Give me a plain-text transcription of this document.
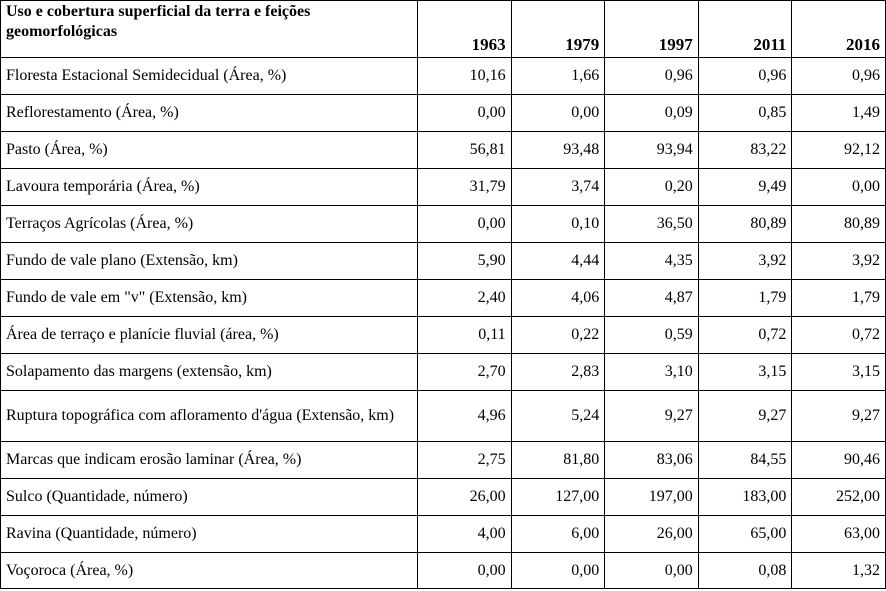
Uso e cobertura superficial da terra e feições geomorfológicas	1963	1979	1997	2011	2016
Floresta Estacional Semidecidual (Área, %)	10,16	1,66	0,96	0,96	0,96
Reflorestamento (Área, %)	0,00	0,00	0,09	0,85	1,49
Pasto (Área, %)	56,81	93,48	93,94	83,22	92,12
Lavoura temporária (Área, %)	31,79	3,74	0,20	9,49	0,00
Terraços Agrícolas (Área, %)	0,00	0,10	36,50	80,89	80,89
Fundo de vale plano (Extensão, km)	5,90	4,44	4,35	3,92	3,92
Fundo de vale em "v" (Extensão, km)	2,40	4,06	4,87	1,79	1,79
Área de terraço e planície fluvial (área, %)	0,11	0,22	0,59	0,72	0,72
Solapamento das margens (extensão, km)	2,70	2,83	3,10	3,15	3,15
Ruptura topográfica com afloramento d'água (Extensão, km)	4,96	5,24	9,27	9,27	9,27
Marcas que indicam erosão laminar (Área, %)	2,75	81,80	83,06	84,55	90,46
Sulco (Quantidade, número)	26,00	127,00	197,00	183,00	252,00
Ravina (Quantidade, número)	4,00	6,00	26,00	65,00	63,00
Voçoroca (Área, %)	0,00	0,00	0,00	0,08	1,32
